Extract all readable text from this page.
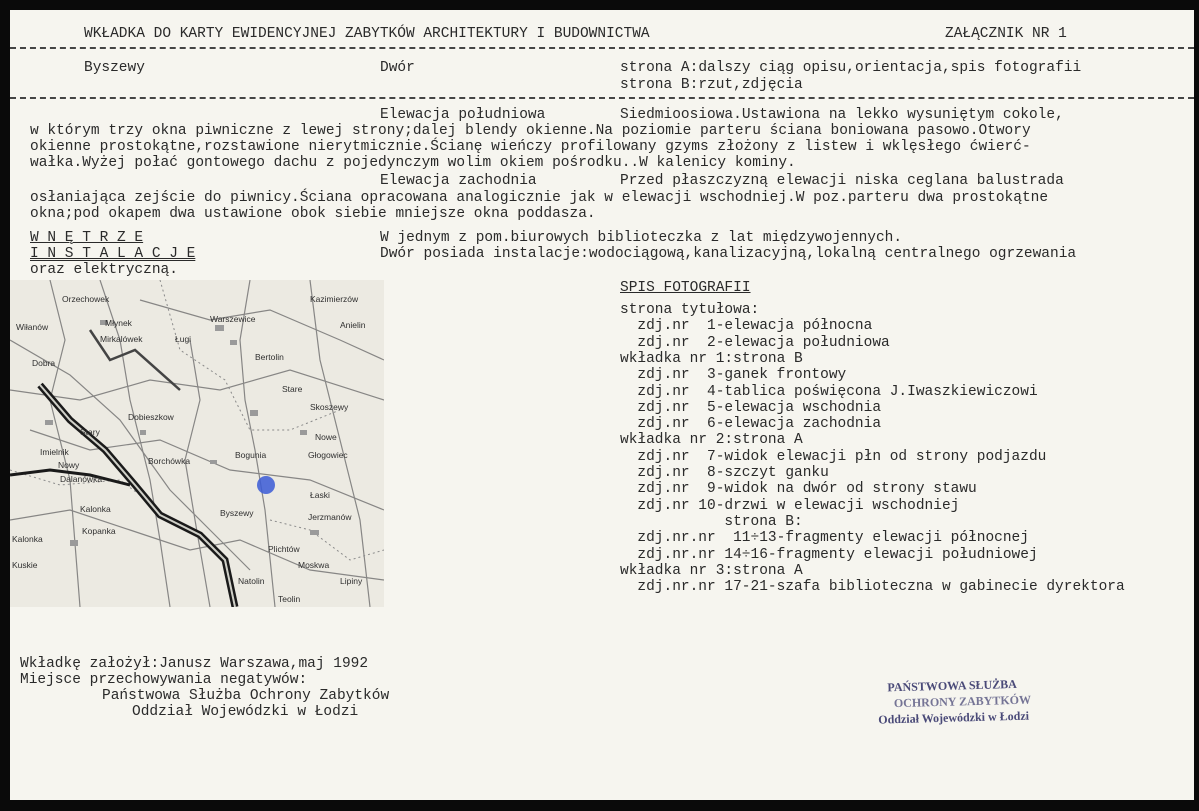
WKŁADKA DO KARTY EWIDENCYJNEJ ZABYTKÓW ARCHITEKTURY I BUDOWNICTWA	ZAŁĄCZNIK NR 1
Byszewy	Dwór	strona A:dalszy ciąg opisu,orientacja,spis fotografii
strona B:rzut,zdjęcia
Elewacja południowa	Siedmioosiowa.Ustawiona na lekko wysuniętym cokole,
w którym trzy okna piwniczne z lewej strony;dalej blendy okienne.Na poziomie parteru ściana boniowana pasowo.Otwory
okienne prostokątne,rozstawione nierytmicznie.Ścianę wieńczy profilowany gzyms złożony z listew i wklęsłego ćwierć-
wałka.Wyżej połać gontowego dachu z pojedynczym wolim okiem pośrodku..W kalenicy kominy.
Elewacja zachodnia	Przed płaszczyzną elewacji niska ceglana balustrada
osłaniająca zejście do piwnicy.Ściana opracowana analogicznie jak w elewacji wschodniej.W poz.parteru dwa prostokątne
okna;pod okapem dwa ustawione obok siebie mniejsze okna poddasza.
W N Ę T R Z E	W jednym z pom.biurowych biblioteczka z lat międzywojennych.
I N S T A L A C J E	Dwór posiada instalacje:wodociągową,kanalizacyjną,lokalną centralnego ogrzewania
oraz elektryczną.
Orzechowek
Wiłanów	Młynek	Warszewice
Kazimierzów
Anielin
Mirkalówek	Ługi
Dobra
Bertolin
Stare
Skoszewy
Dobieszkow
Stary	Nowe
Imielnik	Bogunia	Głogowiec
Nowy	Borchówka
Dalanówka
Byszewy
Łaski
Kalonka
Jerzmanów
Kopanka
Plichtów
Moskwa
Natolin
Teolin
Lipiny
Kuskie
Kalonka
SPIS FOTOGRAFII
strona tytułowa:
zdj.nr  1-elewacja północna
zdj.nr  2-elewacja południowa
wkładka nr 1:strona B
zdj.nr  3-ganek frontowy
zdj.nr  4-tablica poświęcona J.Iwaszkiewiczowi
zdj.nr  5-elewacja wschodnia
zdj.nr  6-elewacja zachodnia
wkładka nr 2:strona A
zdj.nr  7-widok elewacji płn od strony podjazdu
zdj.nr  8-szczyt ganku
zdj.nr  9-widok na dwór od strony stawu
zdj.nr 10-drzwi w elewacji wschodniej
strona B:
zdj.nr.nr  11÷13-fragmenty elewacji północnej
zdj.nr.nr 14÷16-fragmenty elewacji południowej
wkładka nr 3:strona A
zdj.nr.nr 17-21-szafa biblioteczna w gabinecie dyrektora
Wkładkę założył:Janusz Warszawa,maj 1992
Miejsce przechowywania negatywów:
Państwowa Służba Ochrony Zabytków
Oddział Wojewódzki w Łodzi
PAŃSTWOWA SŁUŻBA
OCHRONY ZABYTKÓW
Oddział Wojewódzki w Łodzi
